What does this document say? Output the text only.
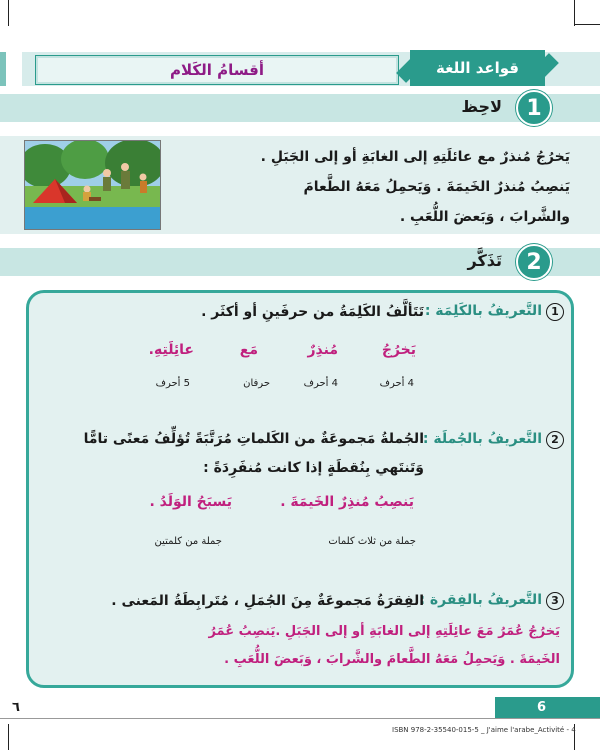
أقسامُ الكَلام	قواعد اللغة
1
لاحِظ
يَخرُجُ مُنذرٌ مع عائلَتِهِ إلى الغابَةِ أو إلى الجَبَلِ .
يَنصِبُ مُنذرٌ الخَيمَةَ . وَيَحمِلُ مَعَهُ الطَّعامَ
والشَّرابَ ، وَبَعضَ اللُّعَبِ .
2
تَذَكَّر
1التَّعريفُ بالكَلِمَة :
تَتَألَّفُ الكَلِمَةُ من حرفَينِ أو أكثَر .
يَخرُجُ
مُنذِرٌ
مَع
عائِلَتِهِ.
4 أحرف
4 أحرف
حرفان
5 أحرف
2التَّعريفُ بالجُملَة :
الجُملةُ مَجموعَةٌ من الكَلماتِ مُرَتَّبَةً تُؤلِّفُ مَعنًى تامًّا
وَتَنتَهي بِنُقطَةٍ إذا كانت مُنفَرِدَةً :
يَنصِبُ مُنذِرٌ الخَيمَةَ .
يَسبَحُ الوَلَدُ .
جملة من ثلاث كلمات
جملة من كلمتين
3التَّعريفُ بالفِقرة :
الفِقرَةُ مَجموعَةٌ مِنَ الجُمَلِ ، مُتَرابِطَةُ المَعنى .
يَخرُجُ عُمَرُ مَعَ عائِلَتِهِ إلى الغابَةِ أو إلى الجَبَلِ .يَنصِبُ عُمَرُ
الخَيمَةَ . وَيَحمِلُ مَعَهُ الطَّعامَ والشَّرابَ ، وَبَعضَ اللُّعَبِ .
6
٦
ISBN 978-2-35540-015-5 _ J'aime l'arabe_Activité - 4
